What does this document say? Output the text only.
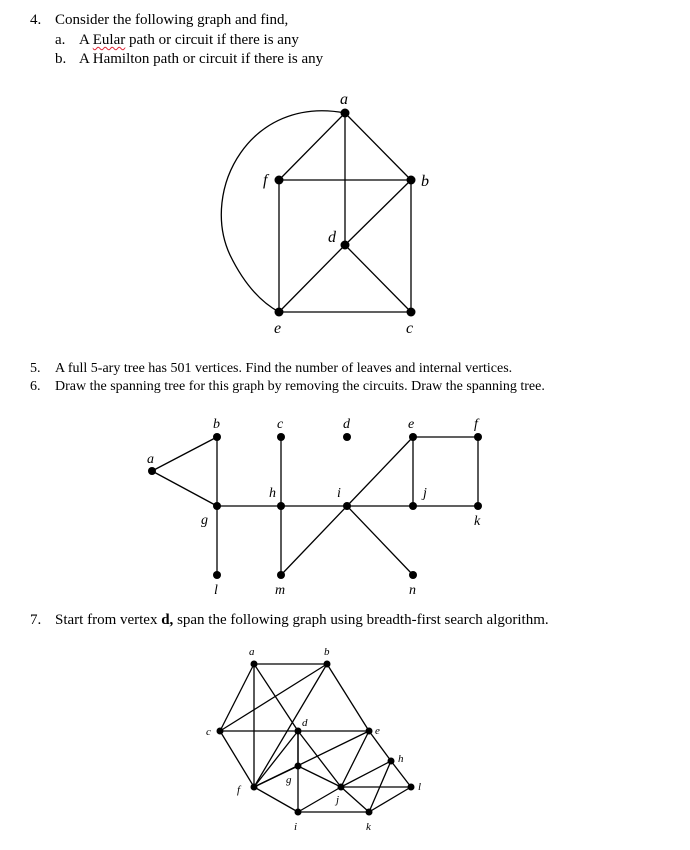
4. Consider the following graph and find,
a. A Eular path or circuit if there is any
b. A Hamilton path or circuit if there is any
a
b
c
d
e
f
5. A full 5-ary tree has 501 vertices. Find the number of leaves and internal vertices.
6. Draw the spanning tree for this graph by removing the circuits. Draw the spanning tree.
a
b	c	d	e	f
g
h	i	j
k
l	m	n
7. Start from vertex d, span the following graph using breadth-first search algorithm.
a	b
c
d
e
f
g
h
i
j
k
l
